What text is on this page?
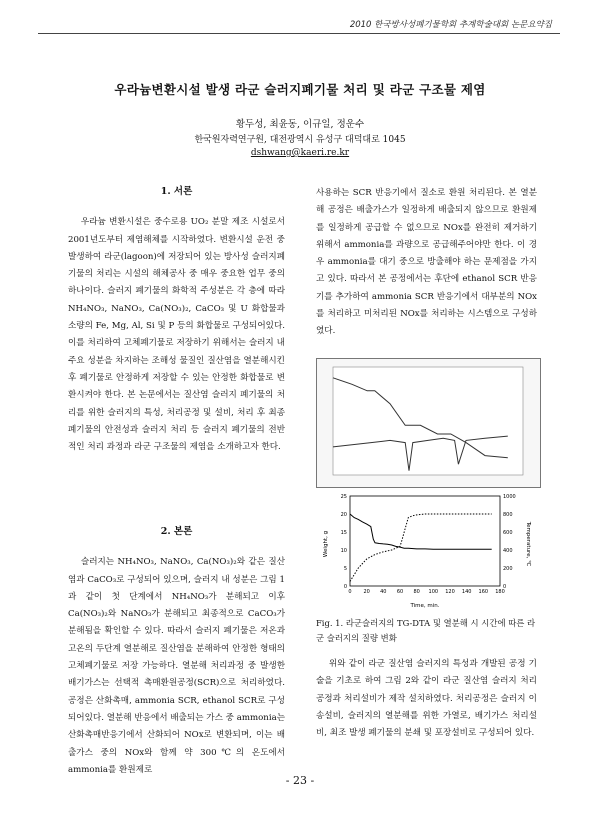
2010 한국방사성폐기물학회 추계학술대회 논문요약집
우라늄변환시설 발생 라군 슬러지폐기물 처리 및 라군 구조물 제염
황두성, 최윤동, 이규일, 정운수
한국원자력연구원, 대전광역시 유성구 대덕대로 1045
dshwang@kaeri.re.kr
1. 서론

우라늄 변환시설은 중수로용 UO₂ 분말 제조 시설로서 2001년도부터 제염해체를 시작하였다. 변환시설 운전 중 발생하여 라군(lagoon)에 저장되어 있는 방사성 슬러지폐기물의 처리는 시설의 해체공사 중 매우 중요한 업무 중의 하나이다. 슬러지 폐기물의 화학적 주성분은 각 층에 따라 NH₄NO₃, NaNO₃, Ca(NO₃)₂, CaCO₃ 및 U 화합물과 소량의 Fe, Mg, Al, Si 및 P 등의 화합물로 구성되어있다. 이를 처리하여 고체폐기물로 저장하기 위해서는 슬러지 내 주요 성분을 차지하는 조해성 물질인 질산염을 열분해시킨 후 폐기물로 안정하게 저장할 수 있는 안정한 화합물로 변환시켜야 한다. 본 논문에서는 질산염 슬러지 폐기물의 처리를 위한 슬러지의 특성, 처리공정 및 설비, 처리 후 최종폐기물의 안전성과 슬러지 처리 등 슬러지 폐기물의 전반적인 처리 과정과 라군 구조물의 제염을 소개하고자 한다.

2. 본론

슬러지는 NH₄NO₃, NaNO₃, Ca(NO₃)₂와 같은 질산염과 CaCO₃로 구성되어 있으며, 슬러지 내 성분은 그림 1과 같이 첫 단계에서 NH₄NO₃가 분해되고 이후 Ca(NO₃)₂와 NaNO₃가 분해되고 최종적으로 CaCO₃가 분해됨을 확인할 수 있다. 따라서 슬러지 폐기물은 저온과 고온의 두단계 열분해로 질산염을 분해하여 안정한 형태의 고체폐기물로 저장 가능하다. 열분해 처리과정 중 발생한 배기가스는 선택적 촉매환원공정(SCR)으로 처리하였다. 공정은 산화촉매, ammonia SCR, ethanol SCR로 구성되어있다. 열분해 반응에서 배출되는 가스 중 ammonia는 산화촉매반응기에서 산화되어 NOx로 변환되며, 이는 배출가스 중의 NOx와 함께 약 300℃의 온도에서 ammonia를 환원제로

사용하는 SCR 반응기에서 질소로 환원 처리된다. 본 열분해 공정은 배출가스가 일정하게 배출되지 않으므로 환원제를 일정하게 공급할 수 없으므로 NOx를 완전히 제거하기 위해서 ammonia를 과량으로 공급해주어야만 한다. 이 경우 ammonia를 대기 중으로 방출해야 하는 문제점을 가지고 있다. 따라서 본 공정에서는 후단에 ethanol SCR 반응기를 추가하여 ammonia SCR 반응기에서 대부분의 NOx를 처리하고 미처리된 NOx를 처리하는 시스템으로 구성하였다.

0 20 40 60 80 100 120 140 160 180
0
5
10
15
20
25
0
200
400
600
800
1000
Time, min.
Weight, g	Temperature, ℃
Fig. 1. 라군슬러지의 TG-DTA 및 열분해 시 시간에 따른 라군 슬러지의 질량 변화

위와 같이 라군 질산염 슬러지의 특성과 개발된 공정 기술을 기초로 하여 그림 2와 같이 라군 질산염 슬러지 처리 공정과 처리설비가 제작 설치하였다. 처리공정은 슬러지 이송설비, 슬러지의 열분해를 위한 가열로, 배기가스 처리설비, 최조 발생 폐기물의 분쇄 및 포장설비로 구성되어 있다.

- 23 -
